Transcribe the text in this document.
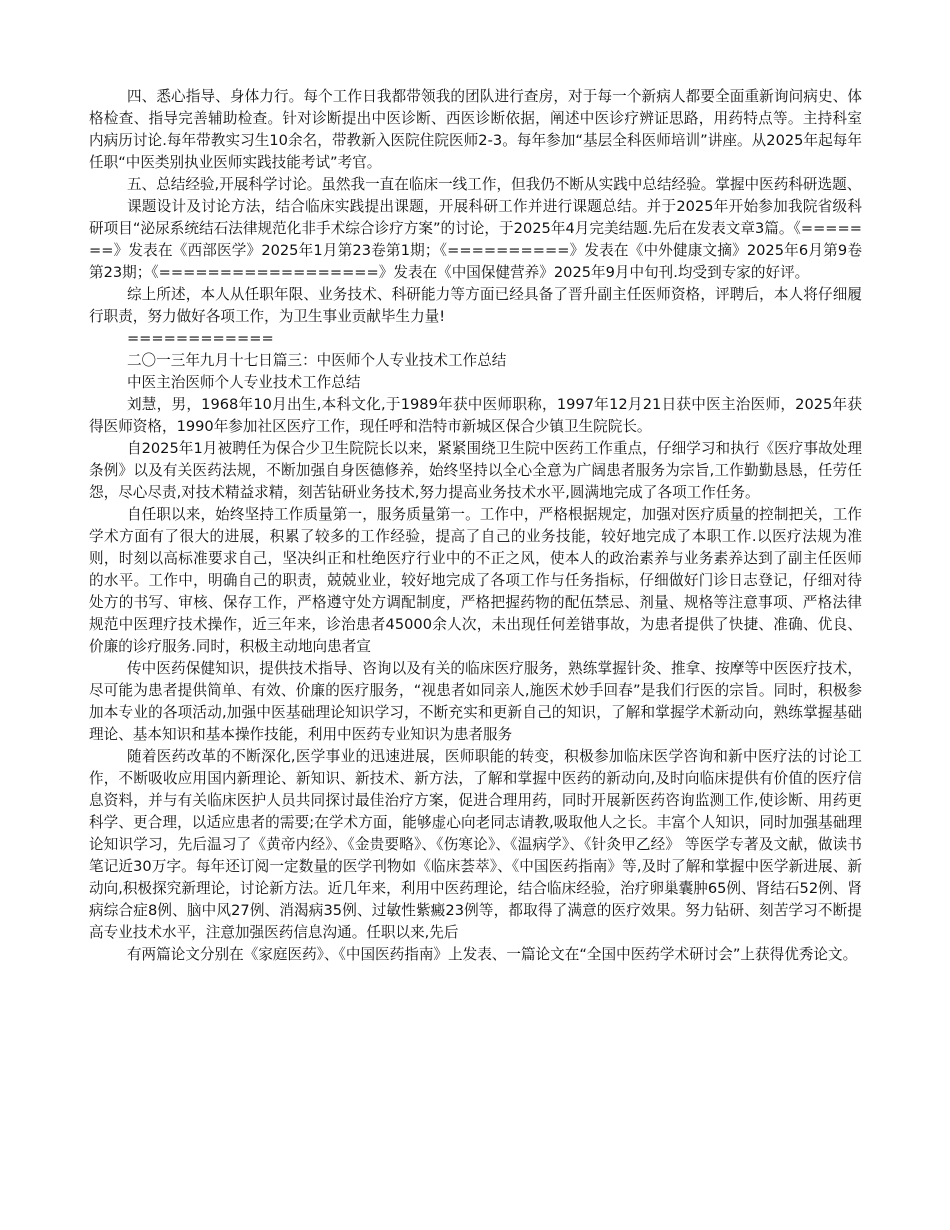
四、悉心指导、身体力行。每个工作日我都带领我的团队进行查房，对于每一个新病人都要全面重新询问病史、体格检查、指导完善辅助检查。针对诊断提出中医诊断、西医诊断依据，阐述中医诊疗辨证思路，用药特点等。主持科室内病历讨论.每年带教实习生10余名，带教新入医院住院医师2-3。每年参加“基层全科医师培训”讲座。从2025年起每年任职“中医类别执业医师实践技能考试”考官。

五、总结经验,开展科学讨论。虽然我一直在临床一线工作，但我仍不断从实践中总结经验。掌握中医药科研选题、

课题设计及讨论方法，结合临床实践提出课题，开展科研工作并进行课题总结。并于2025年开始参加我院省级科研项目“泌尿系统结石法律规范化非手术综合诊疗方案”的讨论，于2025年4月完美结题.先后在发表文章3篇。《=======》发表在《西部医学》2025年1月第23卷第1期；《==========》发表在《中外健康文摘》2025年6月第9卷第23期；《==================》发表在《中国保健营养》2025年9月中旬刊.均受到专家的好评。

综上所述，本人从任职年限、业务技术、科研能力等方面已经具备了晋升副主任医师资格，评聘后，本人将仔细履行职责，努力做好各项工作，为卫生事业贡献毕生力量!

============

二〇一三年九月十七日篇三：中医师个人专业技术工作总结

中医主治医师个人专业技术工作总结

刘慧，男，1968年10月出生,本科文化,于1989年获中医师职称，1997年12月21日获中医主治医师，2025年获得医师资格，1990年参加社区医疗工作，现任呼和浩特市新城区保合少镇卫生院院长。

自2025年1月被聘任为保合少卫生院院长以来，紧紧围绕卫生院中医药工作重点，仔细学习和执行《医疗事故处理条例》以及有关医药法规，不断加强自身医德修养，始终坚持以全心全意为广阔患者服务为宗旨,工作勤勤恳恳，任劳任怨，尽心尽责,对技术精益求精，刻苦钻研业务技术,努力提高业务技术水平,圆满地完成了各项工作任务。

自任职以来，始终坚持工作质量第一，服务质量第一。工作中，严格根据规定，加强对医疗质量的控制把关，工作学术方面有了很大的进展，积累了较多的工作经验，提高了自己的业务技能，较好地完成了本职工作.以医疗法规为准则，时刻以高标准要求自己，坚决纠正和杜绝医疗行业中的不正之风，使本人的政治素养与业务素养达到了副主任医师的水平。工作中，明确自己的职责，兢兢业业，较好地完成了各项工作与任务指标，仔细做好门诊日志登记，仔细对待处方的书写、审核、保存工作，严格遵守处方调配制度，严格把握药物的配伍禁忌、剂量、规格等注意事项、严格法律规范中医理疗技术操作，近三年来，诊治患者45000余人次，未出现任何差错事故，为患者提供了快捷、准确、优良、价廉的诊疗服务.同时，积极主动地向患者宣

传中医药保健知识，提供技术指导、咨询以及有关的临床医疗服务，熟练掌握针灸、推拿、按摩等中医医疗技术，尽可能为患者提供简单、有效、价廉的医疗服务，“视患者如同亲人,施医术妙手回春”是我们行医的宗旨。同时，积极参加本专业的各项活动,加强中医基础理论知识学习，不断充实和更新自己的知识，了解和掌握学术新动向，熟练掌握基础理论、基本知识和基本操作技能，利用中医药专业知识为患者服务

随着医药改革的不断深化,医学事业的迅速进展，医师职能的转变，积极参加临床医学咨询和新中医疗法的讨论工作，不断吸收应用国内新理论、新知识、新技术、新方法，了解和掌握中医药的新动向,及时向临床提供有价值的医疗信息资料，并与有关临床医护人员共同探讨最佳治疗方案，促进合理用药，同时开展新医药咨询监测工作,使诊断、用药更科学、更合理，以适应患者的需要;在学术方面，能够虚心向老同志请教,吸取他人之长。丰富个人知识，同时加强基础理论知识学习，先后温习了《黄帝内经》、《金贵要略》、《伤寒论》、《温病学》、《针灸甲乙经》 等医学专著及文献，做读书笔记近30万字。每年还订阅一定数量的医学刊物如《临床荟萃》、《中国医药指南》等,及时了解和掌握中医学新进展、新动向,积极探究新理论，讨论新方法。近几年来，利用中医药理论，结合临床经验，治疗卵巢囊肿65例、肾结石52例、肾病综合症8例、脑中风27例、消渴病35例、过敏性紫癜23例等，都取得了满意的医疗效果。努力钻研、刻苦学习不断提高专业技术水平，注意加强医药信息沟通。任职以来,先后

有两篇论文分别在《家庭医药》、《中国医药指南》上发表、一篇论文在“全国中医药学术研讨会”上获得优秀论文。
